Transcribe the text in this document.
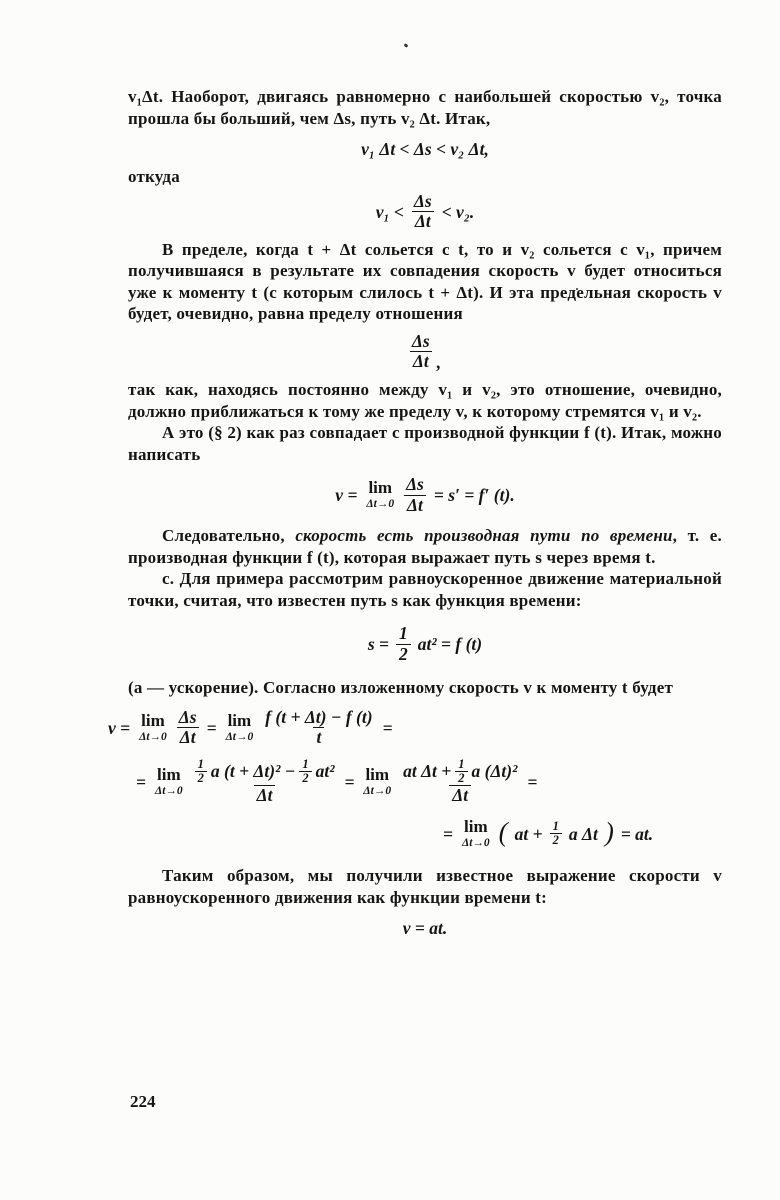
v₁Δt. Наоборот, двигаясь равномерно с наибольшей скоростью v₂, точка прошла бы больший, чем Δs, путь v₂ Δt. Итак,

v₁ Δt < Δs < v₂ Δt,

откуда

$v_1 < \frac{\Delta s}{\Delta t} < v_2$.

В пределе, когда t + Δt сольется с t, то и v₂ сольется с v₁, причем получившаяся в результате их совпадения скорость v будет относиться уже к моменту t (с которым слилось t + Δt). И эта предельная скорость v будет, очевидно, равна пределу отношения

$\frac{\Delta s}{\Delta t}$ ,

так как, находясь постоянно между v₁ и v₂, это отношение, очевидно, должно приближаться к тому же пределу v, к которому стремятся v₁ и v₂.

А это (§ 2) как раз совпадает с производной функции f (t). Итак, можно написать

v = lim
$\Delta t\to 0 \frac{\Delta s}{\Delta t} = s' = f'$ (t).

Следовательно, скорость есть производная пути по времени, т. е. производная функции f (t), которая выражает путь s через время t.

с. Для примера рассмотрим равноускоренное движение материальной точки, считая, что известен путь s как функция времени:

$s = \frac{1}{2} at^2 = f$ (t)

(a — ускорение). Согласно изложенному скорость v к моменту t будет

v = lim
$\Delta t\to 0 \frac{\Delta s}{\Delta t} = \lim$
$\Delta t\to 0 \frac{f (t + \Delta t) - f (t)}{t}$ =
= lim
Δt→0
$\frac{1}{2}$ a $(t + \Delta t)^2 - \frac{1}{2} at^2$
Δt
= lim
Δt→0
at $\Delta t + \frac{1}{2}$ a (Δt)²
Δt
=
= lim
Δt→0 ( at + $\frac{1}{2}$ a Δt ) = at.

Таким образом, мы получили известное выражение скорости v равноускоренного движения как функции времени t:

v = at.
224
